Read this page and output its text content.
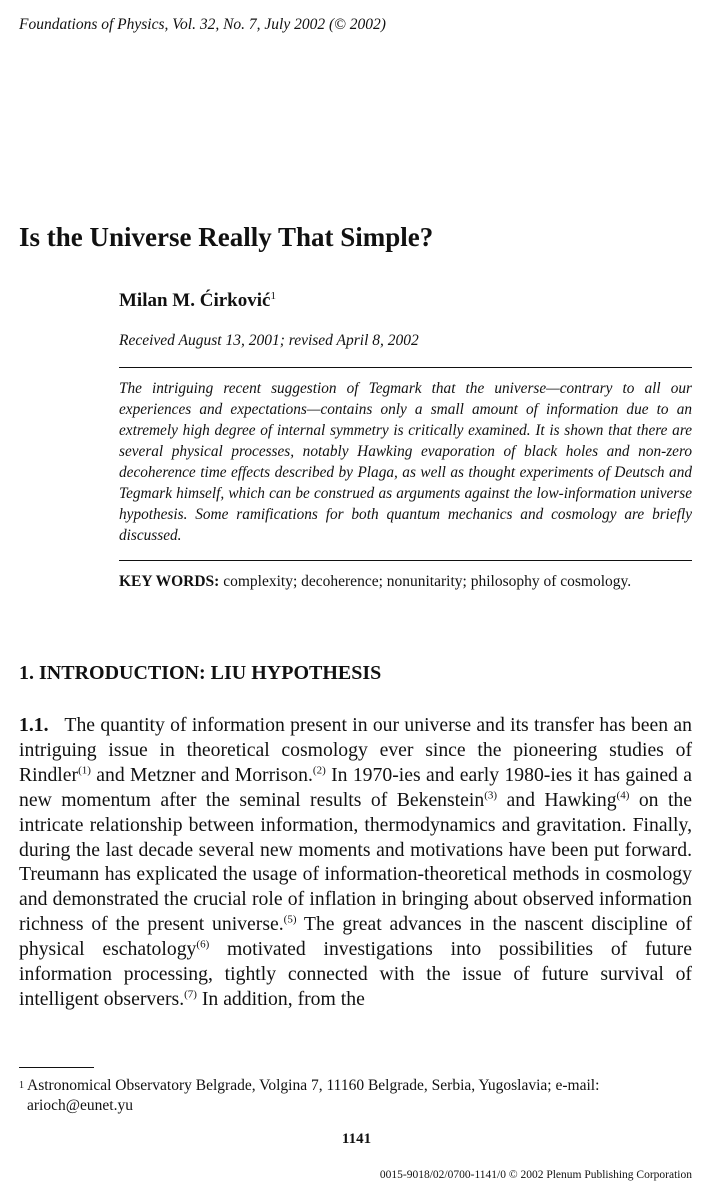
Foundations of Physics, Vol. 32, No. 7, July 2002 (© 2002)
Is the Universe Really That Simple?
Milan M. Ćirković$^1$
Received August 13, 2001; revised April 8, 2002
The intriguing recent suggestion of Tegmark that the universe—contrary to all our experiences and expectations—contains only a small amount of information due to an extremely high degree of internal symmetry is critically examined. It is shown that there are several physical processes, notably Hawking evaporation of black holes and non-zero decoherence time effects described by Plaga, as well as thought experiments of Deutsch and Tegmark himself, which can be construed as arguments against the low-information universe hypothesis. Some ramifications for both quantum mechanics and cosmology are briefly discussed.
KEY WORDS: complexity; decoherence; nonunitarity; philosophy of cosmology.
1. INTRODUCTION: LIU HYPOTHESIS
1.1. The quantity of information present in our universe and its transfer has been an intriguing issue in theoretical cosmology ever since the pioneering studies of Rindler$^{(1)}$ and Metzner and Morrison.$^{(2)}$ In 1970-ies and early 1980-ies it has gained a new momentum after the seminal results of Bekenstein$^{(3)}$ and Hawking$^{(4)}$ on the intricate relationship between information, thermodynamics and gravitation. Finally, during the last decade several new moments and motivations have been put forward. Treumann has explicated the usage of information-theoretical methods in cosmology and demonstrated the crucial role of inflation in bringing about observed information richness of the present universe.$^{(5)}$ The great advances in the nascent discipline of physical eschatology$^{(6)}$ motivated investigations into possibilities of future information processing, tightly connected with the issue of future survival of intelligent observers.$^{(7)}$ In addition, from the
$^1$ Astronomical Observatory Belgrade, Volgina 7, 11160 Belgrade, Serbia, Yugoslavia; e-mail:
arioch@eunet.yu
1141
0015-9018/02/0700-1141/0 © 2002 Plenum Publishing Corporation
